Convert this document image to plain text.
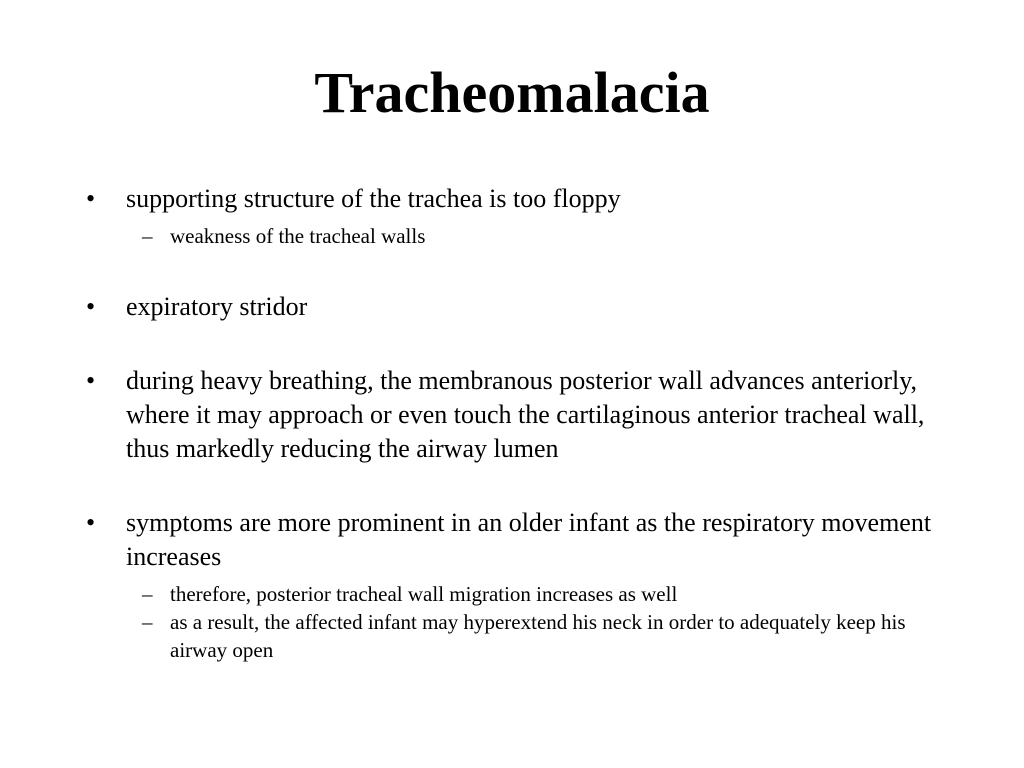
Tracheomalacia
• supporting structure of the trachea is too floppy
– weakness of the tracheal walls
• expiratory stridor
• during heavy breathing, the membranous posterior wall advances anteriorly, where it may approach or even touch the cartilaginous anterior tracheal wall, thus markedly reducing the airway lumen
• symptoms are more prominent in an older infant as the respiratory movement increases
– therefore, posterior tracheal wall migration increases as well
– as a result, the affected infant may hyperextend his neck in order to adequately keep his airway open
